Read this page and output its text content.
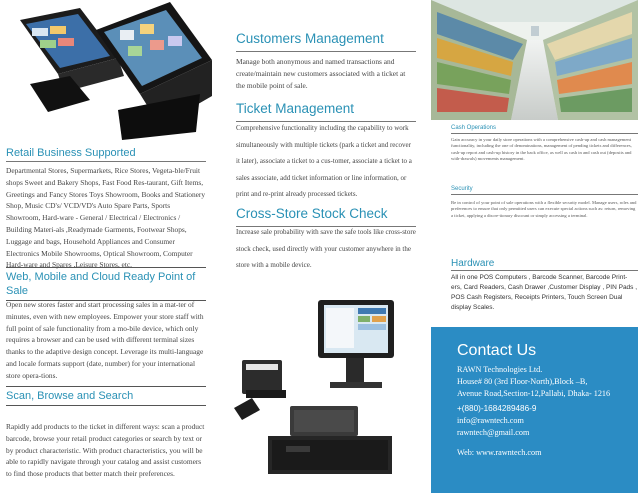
Retail Business Supported
Departmental Stores, Supermarkets, Rice Stores, Vegeta-ble/Fruit shops Sweet and Bakery Shops, Fast Food Res-taurant, Gift Items, Greetings and Fancy Stores Toys Showroom, Books and Stationery Shop, Music CD's/ VCD/VD's Auto Spare Parts, Sports Showroom, Hard-ware - General / Electrical / Electronics / Building Materi-als ,Readymade Garments, Footwear Shops, Luggage and bags, Household Appliances and Consumer Electronics Mobile Showrooms, Optical Showroom, Computer Hard-ware and Spares ,Leisure Stores, etc.
Web, Mobile and Cloud Ready Point of Sale
Open new stores faster and start processing sales in a mat-ter of minutes, even with new employees. Empower your store staff with full point of sale functionality from a mo-bile device, which only requires a browser and can be used with different terminal sizes thanks to the adaptive design concept. Leverage its multi-language and locale formats support (date, number) for your international store opera-tions.
Scan, Browse and Search
Rapidly add products to the ticket in different ways: scan a product barcode, browse your retail product categories or search by text or by product characteristic. With product characteristics, you will be able to rapidly navigate through your catalog and assist customers to find those products that better match their preferences.
Customers Management
Manage both anonymous and named transactions and create/maintain new customers associated with a ticket at the mobile point of sale.
Ticket Management
Comprehensive functionality including the capability to work simultaneously with multiple tickets (park a ticket and recover it later), associate a ticket to a cus-tomer, associate a ticket to a sales associate, add ticket information or line information, or print and re-print already processed tickets.
Cross-Store Stock Check
Increase sale probability with save the safe tools like cross-store stock check, used directly with your customer anywhere in the store with a mobile device.
Cash Operations
Gain accuracy in your daily store operations with a comprehensive cash-up and cash management functionality, including the one of denominations, management of pending tickets and differences, cash-up report and cash-up history in the back office, as well as cash in and cash out (deposits and with-drawals) movements management.
Security
Be in control of your point of sale operations with a flexible security model. Manage users, roles and preferences to ensure that only permitted users can execute special actions such as: return, removing a ticket, applying a discre-tionary discount or simply accessing a terminal.
Hardware
All in one POS Computers , Barcode Scanner, Barcode Print-ers, Card Readers, Cash Drawer ,Customer Display , PIN Pads , POS Cash Registers, Receipts Printers, Touch Screen Dual display Scales.
Contact Us
RAWN Technologies Ltd.
House# 80 (3rd Floor-North),Block –B,
Avenue Road,Section-12,Pallabi, Dhaka- 1216
+(880)-1684289486-9
info@rawntech.com
rawntech@gmail.com
Web: www.rawntech.com
